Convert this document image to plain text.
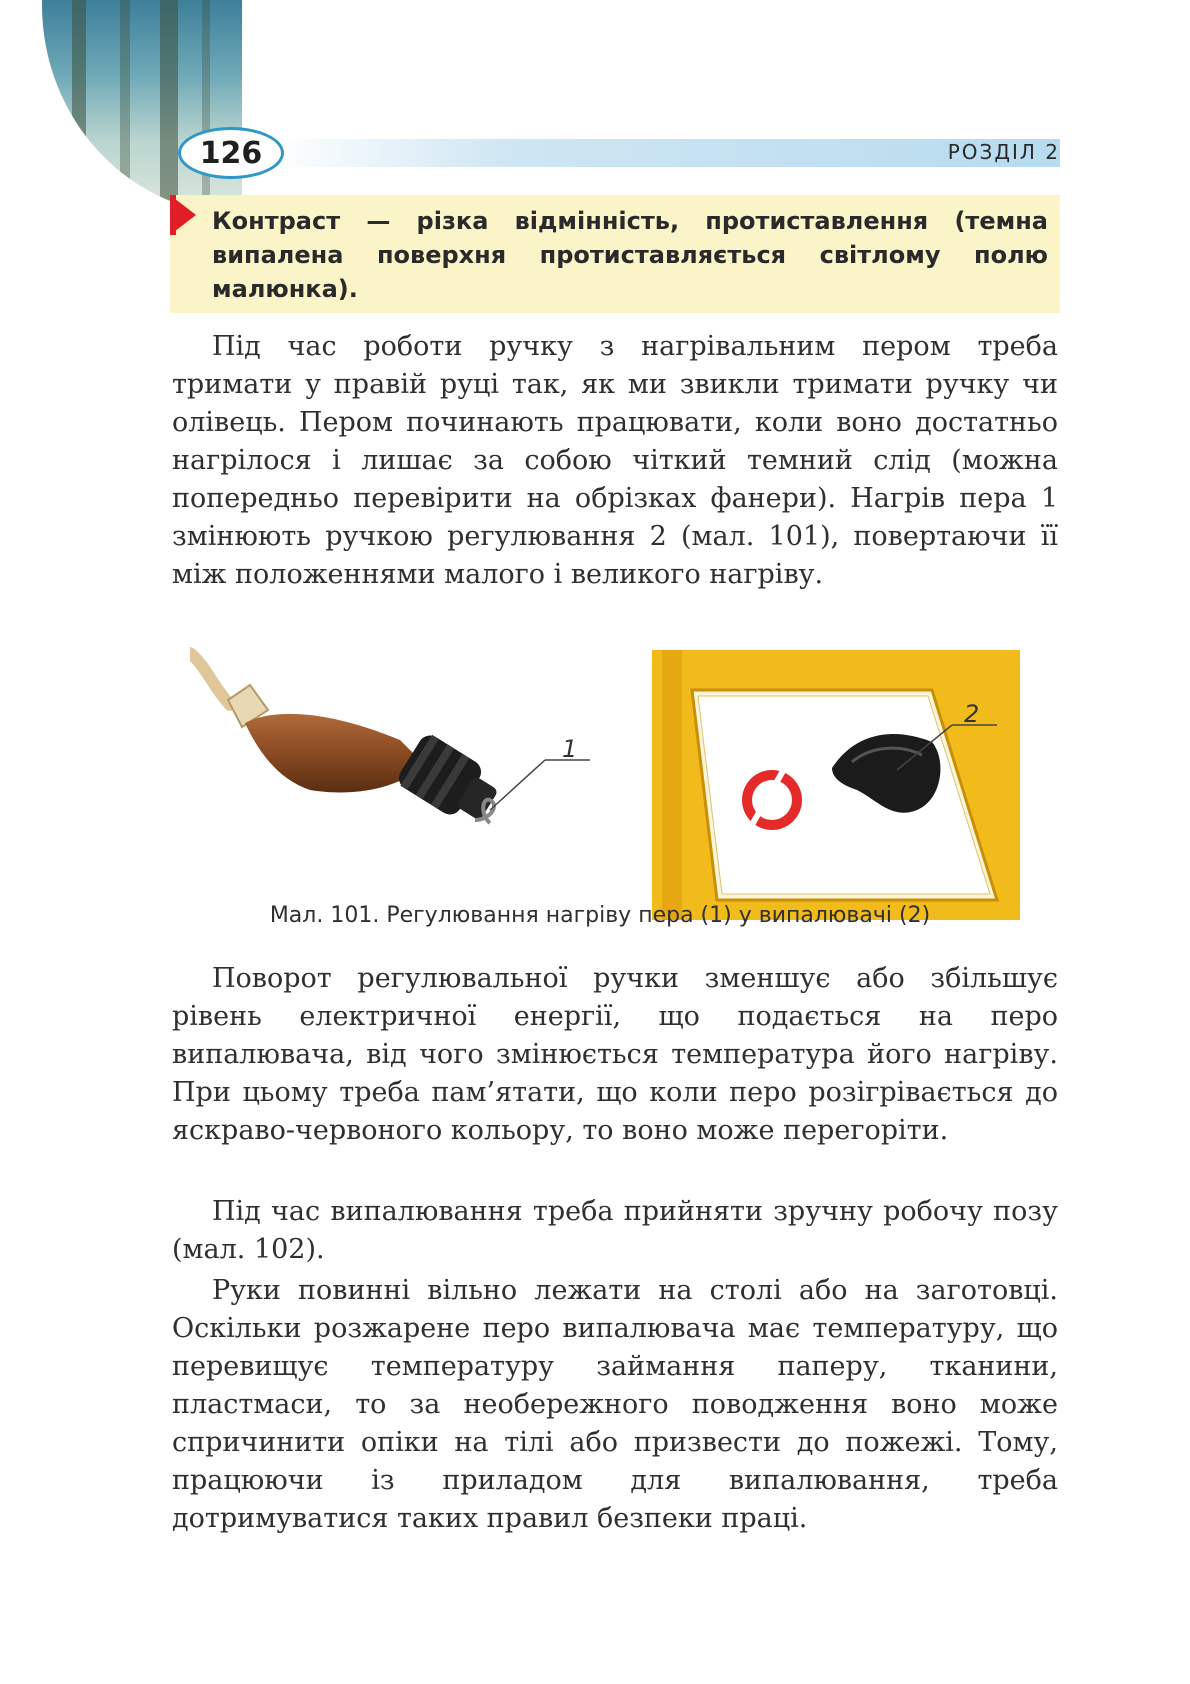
126	РОЗДІЛ 2

Контраст — різка відмінність, протиставлення (темна випалена поверхня протиставляється світлому полю малюнка).

Під час роботи ручку з нагрівальним пером треба тримати у правій руці так, як ми звикли тримати ручку чи олівець. Пером починають працювати, коли воно достатньо нагрілося і лишає за собою чіткий темний слід (можна попередньо перевірити на обрізках фанери). Нагрів пера 1 змінюють ручкою регулювання 2 (мал. 101), повертаючи її між положеннями малого і великого нагріву.

1
2
Мал. 101. Регулювання нагріву пера (1) у випалювачі (2)

Поворот регулювальної ручки зменшує або збільшує рівень електричної енергії, що подається на перо випалювача, від чого змінюється температура його нагріву. При цьому треба пам’ятати, що коли перо розігрівається до яскраво-червоного кольору, то воно може перегоріти.

Під час випалювання треба прийняти зручну робочу позу (мал. 102).

Руки повинні вільно лежати на столі або на заготовці. Оскільки розжарене перо випалювача має температуру, що перевищує температуру займання паперу, тканини, пластмаси, то за необережного поводження воно може спричинити опіки на тілі або призвести до пожежі. Тому, працюючи із приладом для випалювання, треба дотримуватися таких правил безпеки праці.
